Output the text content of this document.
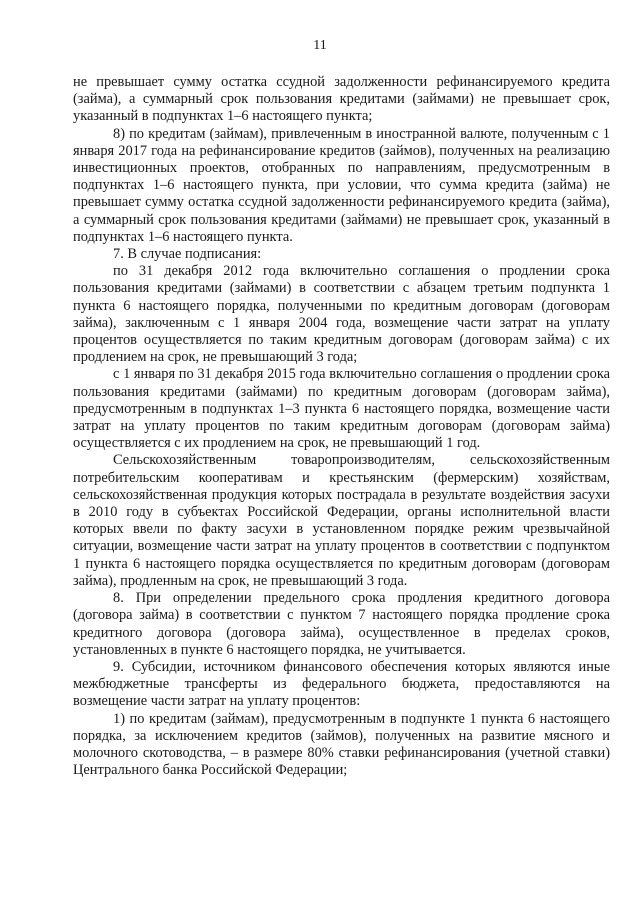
11

не превышает сумму остатка ссудной задолженности рефинансируемого кредита (займа), а суммарный срок пользования кредитами (займами) не превышает срок, указанный в подпунктах 1–6 настоящего пункта;

8) по кредитам (займам), привлеченным в иностранной валюте, полученным с 1 января 2017 года на рефинансирование кредитов (займов), полученных на реализацию инвестиционных проектов, отобранных по направлениям, предусмотренным в подпунктах 1–6 настоящего пункта, при условии, что сумма кредита (займа) не превышает сумму остатка ссудной задолженности рефинансируемого кредита (займа), а суммарный срок пользования кредитами (займами) не превышает срок, указанный в подпунктах 1–6 настоящего пункта.

7. В случае подписания:

по 31 декабря 2012 года включительно соглашения о продлении срока пользования кредитами (займами) в соответствии с абзацем третьим подпункта 1 пункта 6 настоящего порядка, полученными по кредитным договорам (договорам займа), заключенным с 1 января 2004 года, возмещение части затрат на уплату процентов осуществляется по таким кредитным договорам (договорам займа) с их продлением на срок, не превышающий 3 года;

с 1 января по 31 декабря 2015 года включительно соглашения о продлении срока пользования кредитами (займами) по кредитным договорам (договорам займа), предусмотренным в подпунктах 1–3 пункта 6 настоящего порядка, возмещение части затрат на уплату процентов по таким кредитным договорам (договорам займа) осуществляется с их продлением на срок, не превышающий 1 год.

Сельскохозяйственным товаропроизводителям, сельскохозяйственным потребительским кооперативам и крестьянским (фермерским) хозяйствам, сельскохозяйственная продукция которых пострадала в результате воздействия засухи в 2010 году в субъектах Российской Федерации, органы исполнительной власти которых ввели по факту засухи в установленном порядке режим чрезвычайной ситуации, возмещение части затрат на уплату процентов в соответствии с подпунктом 1 пункта 6 настоящего порядка осуществляется по кредитным договорам (договорам займа), продленным на срок, не превышающий 3 года.

8. При определении предельного срока продления кредитного договора (договора займа) в соответствии с пунктом 7 настоящего порядка продление срока кредитного договора (договора займа), осуществленное в пределах сроков, установленных в пункте 6 настоящего порядка, не учитывается.

9. Субсидии, источником финансового обеспечения которых являются иные межбюджетные трансферты из федерального бюджета, предоставляются на возмещение части затрат на уплату процентов:

1) по кредитам (займам), предусмотренным в подпункте 1 пункта 6 настоящего порядка, за исключением кредитов (займов), полученных на развитие мясного и молочного скотоводства, – в размере 80% ставки рефинансирования (учетной ставки) Центрального банка Российской Федерации;
